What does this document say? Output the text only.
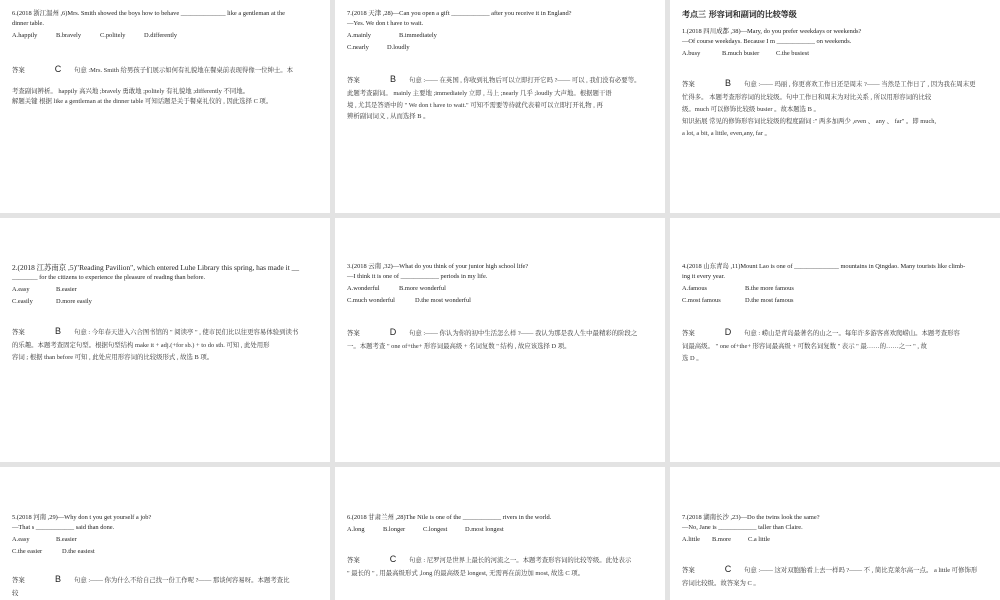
6.(2018 浙江温州 ,6)Mrs. Smith showed the boys how to behave ______________ like a gentleman at the
dinner table.
A.happily	B.bravely	C.politely	D.differently
答案	C	句意 :Mrs. Smith 给男孩子们展示如何有礼貌地在餐桌前表现得像一位绅士。本
考查副词辨析。 happily 高兴地 ;bravely 勇敢地 ;politely 有礼貌地 ;differently 不同地。
解题关键 根据 like a gentleman at the dinner table 可知话题是关于餐桌礼仪的 , 因此选择 C 项。
7.(2018 天津 ,28)—Can you open a gift ____________ after you receive it in England?
—Yes. We don t have to wait.
A.mainly	B.immediately
C.nearly	D.loudly
答案	B	句意 :—— 在英国 , 你收到礼物后可以立即打开它吗 ?—— 可以 , 我们没有必要等。
此题考查副词。 mainly 主要地 ;immediately 立即 , 马上 ;nearly 几乎 ;loudly 大声地。根据题干语
境 , 尤其是答语中的 " We don t have to wait." 可知不需要等待就代表着可以立即打开礼物 , 再
辨析副词词义 , 从而选择 B 。
考点三 形容词和副词的比较等级
1.(2018 四川成都 ,38)—Mary, do you prefer weekdays or weekends?
—Of course weekdays. Because I m ____________ on weekends.
A.busy	B.much busier	C.the busiest
答案	B	句意 :—— 玛丽 , 你更喜欢工作日还是周末 ?—— 当然是工作日了 , 因为我在周末更
忙得多。 本题考查形容词的比较级。句中工作日和周末为对比关系 , 所以用形容词的比较
级。much 可以修饰比较级 busier 。故本题选 B 。
知识拓展 常见的修饰形容词比较级的程度副词 :" 两多加两少 ,even 、 any 、 far" 。即 much,
a lot, a bit, a little, even,any, far 。
2.(2018 江苏南京 ,5)"Reading Pavilion", which entered Luhe Library this spring, has made it __
________ for the citizens to experience the pleasure of reading than before.
A.easy	B.easier
C.easily	D.more easily
答案	B	句意 : 今年春天进入六合图书馆的 " 阅读亭 " , 使市民们比以往更容易体验到读书
的乐趣。本题考查固定句型。根据句型结构 make it + adj.(+for sb.) + to do sth. 可知 , 此处用形
容词 ; 根据 than before 可知 , 此处应用形容词的比较级形式 , 故选 B 项。
3.(2018 云南 ,32)—What do you think of your junior high school life?
—I think it is one of ____________ periods in my life.
A.wonderful	B.more wonderful
C.much wonderful	D.the most wonderful
答案	D	句意 :—— 你认为你的初中生活怎么样 ?—— 我认为那是我人生中最精彩的阶段之
一。本题考查 " one of+the+ 形容词最高级 + 名词复数 " 结构 , 故应该选择 D 项。
4.(2018 山东青岛 ,11)Mount Lao is one of ______________ mountains in Qingdao. Many tourists like climb-
ing it every year.
A.famous	B.the more famous
C.most famous	D.the most famous
答案	D	句意 : 崂山是青岛最著名的山之一。每年许多游客喜欢爬崂山。本题考查形容
词最高级。 " one of+the+ 形容词最高级 + 可数名词复数 " 表示 " 最……的……之一 " , 故
选 D 。
5.(2018 河南 ,29)—Why don t you get yourself a job?
—That s ____________ said than done.
A.easy	B.easier
C.the easier	D.the easiest
答案	B	句意 :—— 你为什么不给自己找一份工作呢 ?—— 那谈何容易呀。本题考查比
较
6.(2018 甘肃兰州 ,28)The Nile is one of the ____________ rivers in the world.
A.long	B.longer	C.longest	D.most longest
答案	C	句意 : 尼罗河是世界上最长的河流之一。本题考查形容词的比较等级。此处表示
" 最长的 " , 用最高级形式 ,long 的最高级是 longest, 无需再在前边加 most, 故选 C 项。
7.(2018 湖南长沙 ,23)—Do the twins look the same?
—No, Jane is ____________ taller than Claire.
A.little	B.more	C.a little
答案	C	句意 :—— 这对双胞胎看上去一样吗 ?—— 不 , 简比克莱尔高一点。 a little 可修饰形
容词比较级。故答案为 C 。
